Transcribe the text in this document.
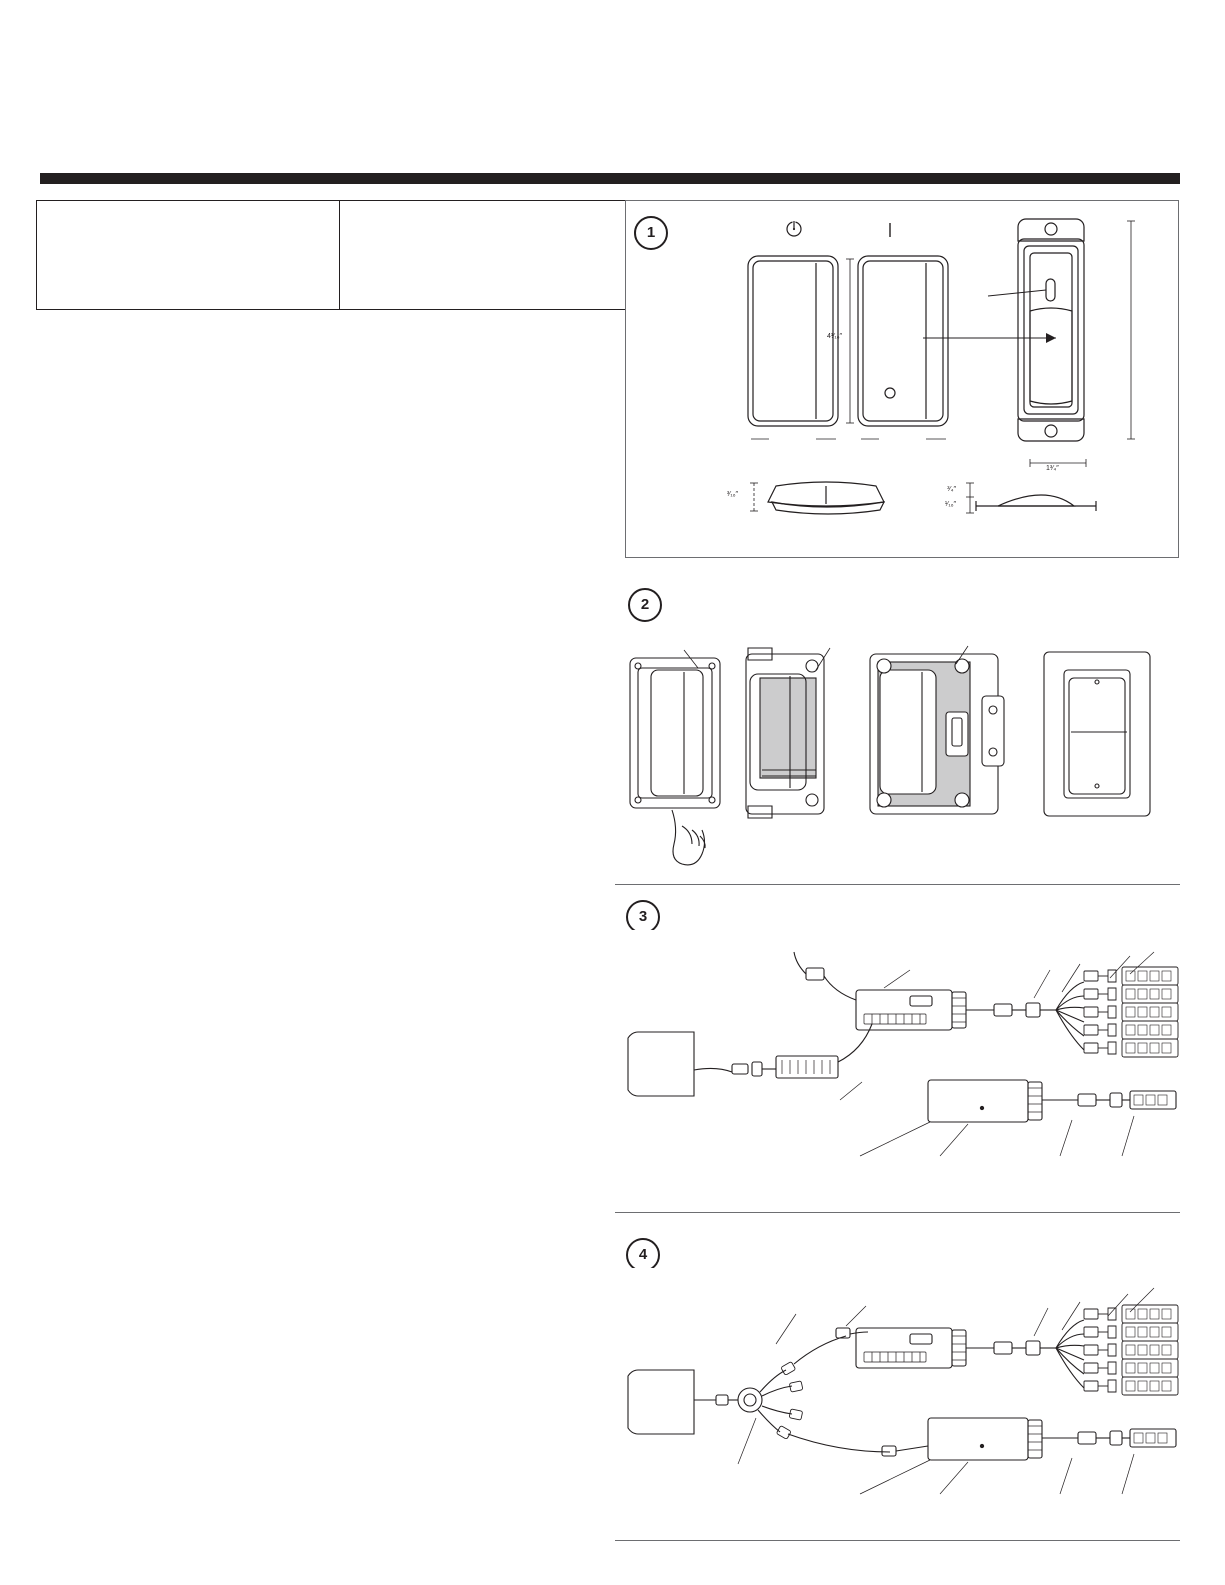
4¹⁄₁₆″
1³⁄₄″
³⁄₁₆″
³⁄₄″
¹⁄₁₆″
1
2
3
4
